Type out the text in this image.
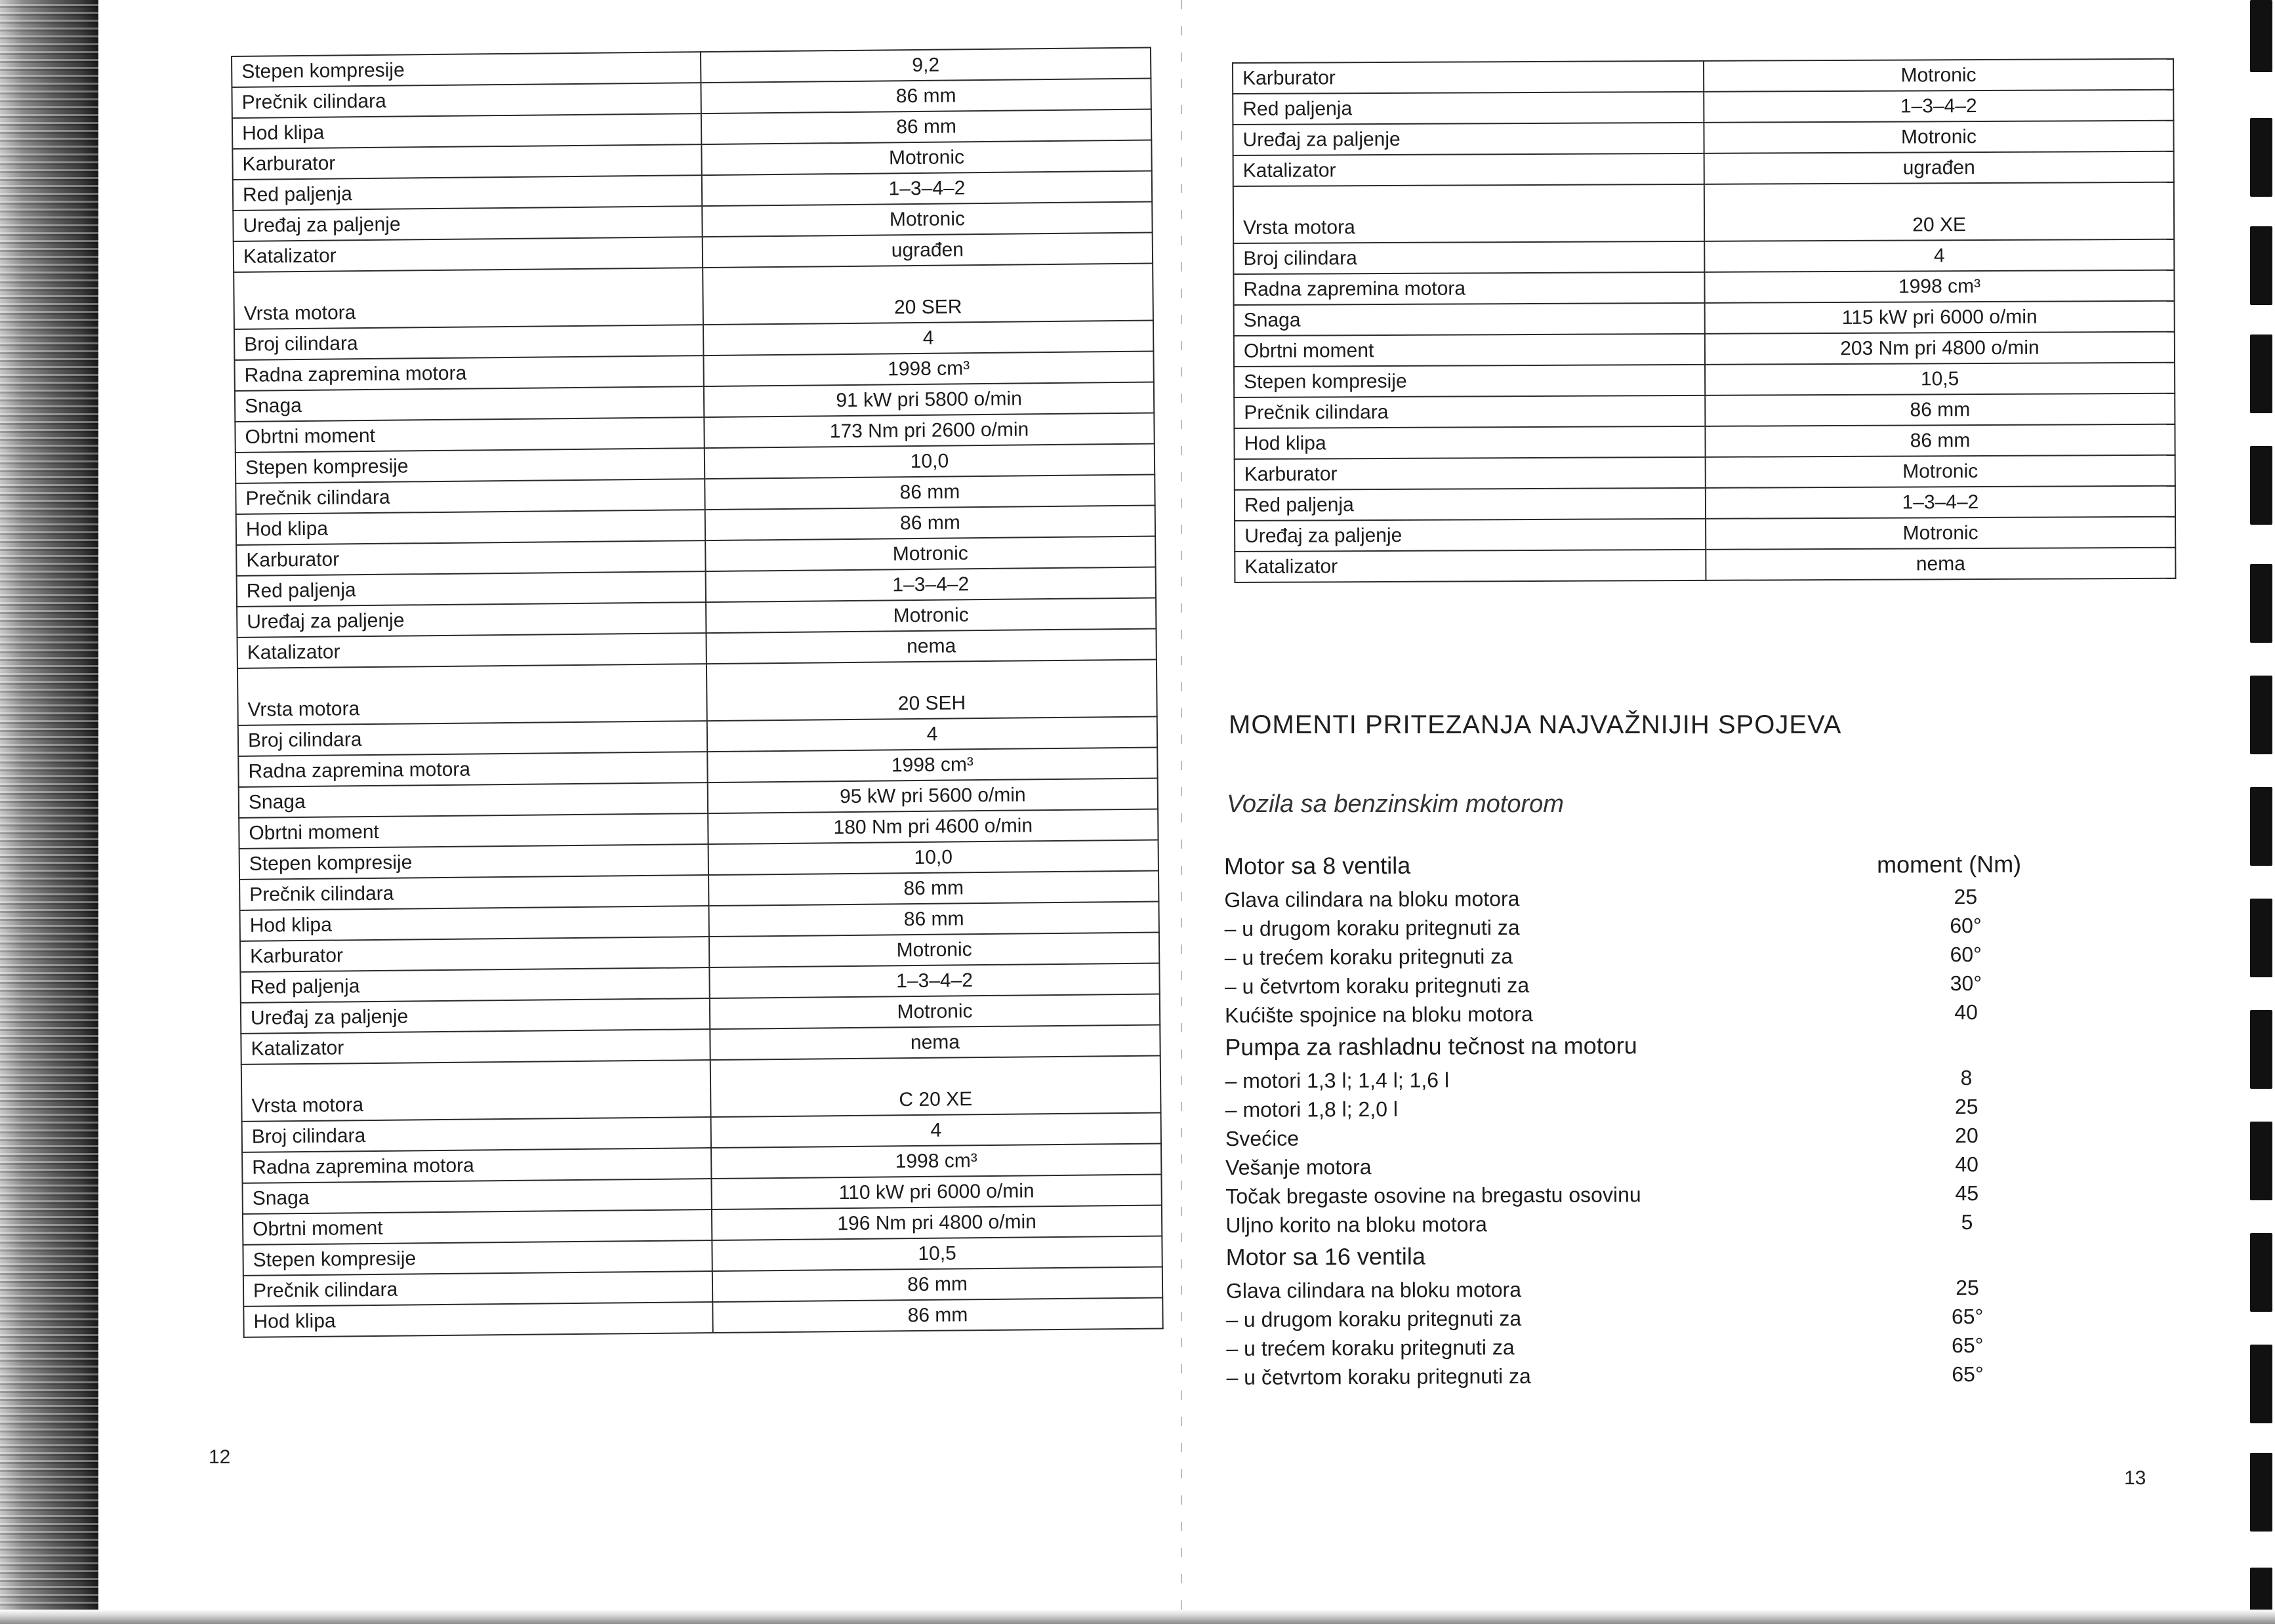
Stepen kompresije	9,2
Prečnik cilindara	86 mm
Hod klipa	86 mm
Karburator	Motronic
Red paljenja	1–3–4–2
Uređaj za paljenje	Motronic
Katalizator	ugrađen

Vrsta motora	20 SER
Broj cilindara	4
Radna zapremina motora	1998 cm³
Snaga	91 kW pri 5800 o/min
Obrtni moment	173 Nm pri 2600 o/min
Stepen kompresije	10,0
Prečnik cilindara	86 mm
Hod klipa	86 mm
Karburator	Motronic
Red paljenja	1–3–4–2
Uređaj za paljenje	Motronic
Katalizator	nema

Vrsta motora	20 SEH
Broj cilindara	4
Radna zapremina motora	1998 cm³
Snaga	95 kW pri 5600 o/min
Obrtni moment	180 Nm pri 4600 o/min
Stepen kompresije	10,0
Prečnik cilindara	86 mm
Hod klipa	86 mm
Karburator	Motronic
Red paljenja	1–3–4–2
Uređaj za paljenje	Motronic
Katalizator	nema

Vrsta motora	C 20 XE
Broj cilindara	4
Radna zapremina motora	1998 cm³
Snaga	110 kW pri 6000 o/min
Obrtni moment	196 Nm pri 4800 o/min
Stepen kompresije	10,5
Prečnik cilindara	86 mm
Hod klipa	86 mm
12
Karburator	Motronic
Red paljenja	1–3–4–2
Uređaj za paljenje	Motronic
Katalizator	ugrađen

Vrsta motora	20 XE
Broj cilindara	4
Radna zapremina motora	1998 cm³
Snaga	115 kW pri 6000 o/min
Obrtni moment	203 Nm pri 4800 o/min
Stepen kompresije	10,5
Prečnik cilindara	86 mm
Hod klipa	86 mm
Karburator	Motronic
Red paljenja	1–3–4–2
Uređaj za paljenje	Motronic
Katalizator	nema
MOMENTI PRITEZANJA NAJVAŽNIJIH SPOJEVA
Vozila sa benzinskim motorom
Motor sa 8 ventila	moment (Nm)
Glava cilindara na bloku motora	25
– u drugom koraku pritegnuti za	60°
– u trećem koraku pritegnuti za	60°
– u četvrtom koraku pritegnuti za	30°
Kućište spojnice na bloku motora	40
Pumpa za rashladnu tečnost na motoru
– motori 1,3 l; 1,4 l; 1,6 l	8
– motori 1,8 l; 2,0 l	25
Svećice	20
Vešanje motora	40
Točak bregaste osovine na bregastu osovinu	45
Uljno korito na bloku motora	5
Motor sa 16 ventila
Glava cilindara na bloku motora	25
– u drugom koraku pritegnuti za	65°
– u trećem koraku pritegnuti za	65°
– u četvrtom koraku pritegnuti za	65°
13
